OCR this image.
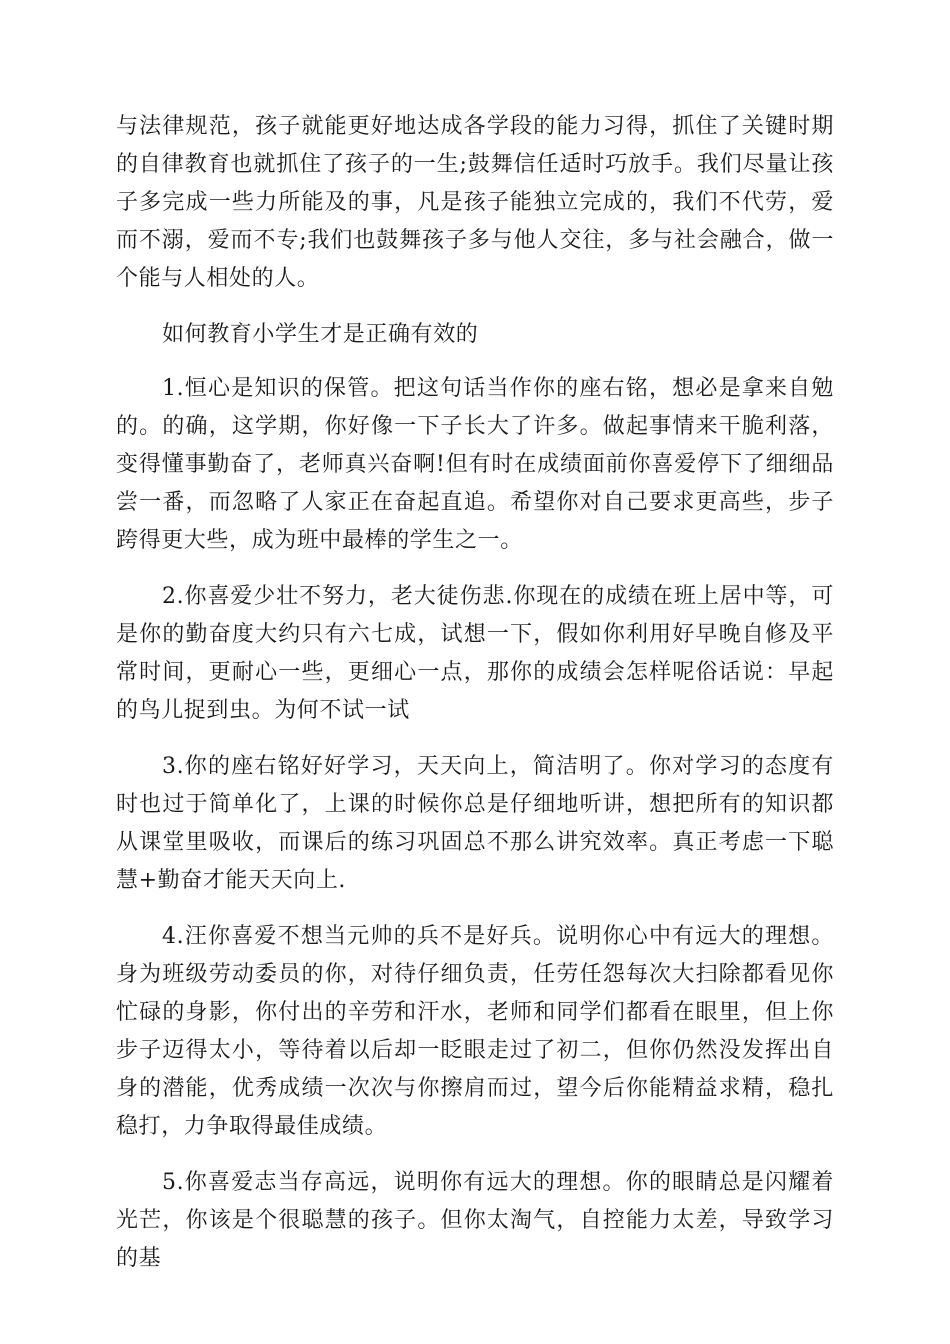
与法律规范，孩子就能更好地达成各学段的能力习得，抓住了关键时期的自律教育也就抓住了孩子的一生;鼓舞信任适时巧放手。我们尽量让孩子多完成一些力所能及的事，凡是孩子能独立完成的，我们不代劳，爱而不溺，爱而不专;我们也鼓舞孩子多与他人交往，多与社会融合，做一个能与人相处的人。

如何教育小学生才是正确有效的

1.恒心是知识的保管。把这句话当作你的座右铭，想必是拿来自勉的。的确，这学期，你好像一下子长大了许多。做起事情来干脆利落，变得懂事勤奋了，老师真兴奋啊!但有时在成绩面前你喜爱停下了细细品尝一番，而忽略了人家正在奋起直追。希望你对自己要求更高些，步子跨得更大些，成为班中最棒的学生之一。

2.你喜爱少壮不努力，老大徒伤悲.你现在的成绩在班上居中等，可是你的勤奋度大约只有六七成，试想一下，假如你利用好早晚自修及平常时间，更耐心一些，更细心一点，那你的成绩会怎样呢俗话说：早起的鸟儿捉到虫。为何不试一试

3.你的座右铭好好学习，天天向上，简洁明了。你对学习的态度有时也过于简单化了，上课的时候你总是仔细地听讲，想把所有的知识都从课堂里吸收，而课后的练习巩固总不那么讲究效率。真正考虑一下聪慧+勤奋才能天天向上.

4.汪你喜爱不想当元帅的兵不是好兵。说明你心中有远大的理想。身为班级劳动委员的你，对待仔细负责，任劳任怨每次大扫除都看见你忙碌的身影，你付出的辛劳和汗水，老师和同学们都看在眼里，但上你步子迈得太小，等待着以后却一眨眼走过了初二，但你仍然没发挥出自身的潜能，优秀成绩一次次与你擦肩而过，望今后你能精益求精，稳扎稳打，力争取得最佳成绩。

5.你喜爱志当存高远，说明你有远大的理想。你的眼睛总是闪耀着光芒，你该是个很聪慧的孩子。但你太淘气，自控能力太差，导致学习的基
